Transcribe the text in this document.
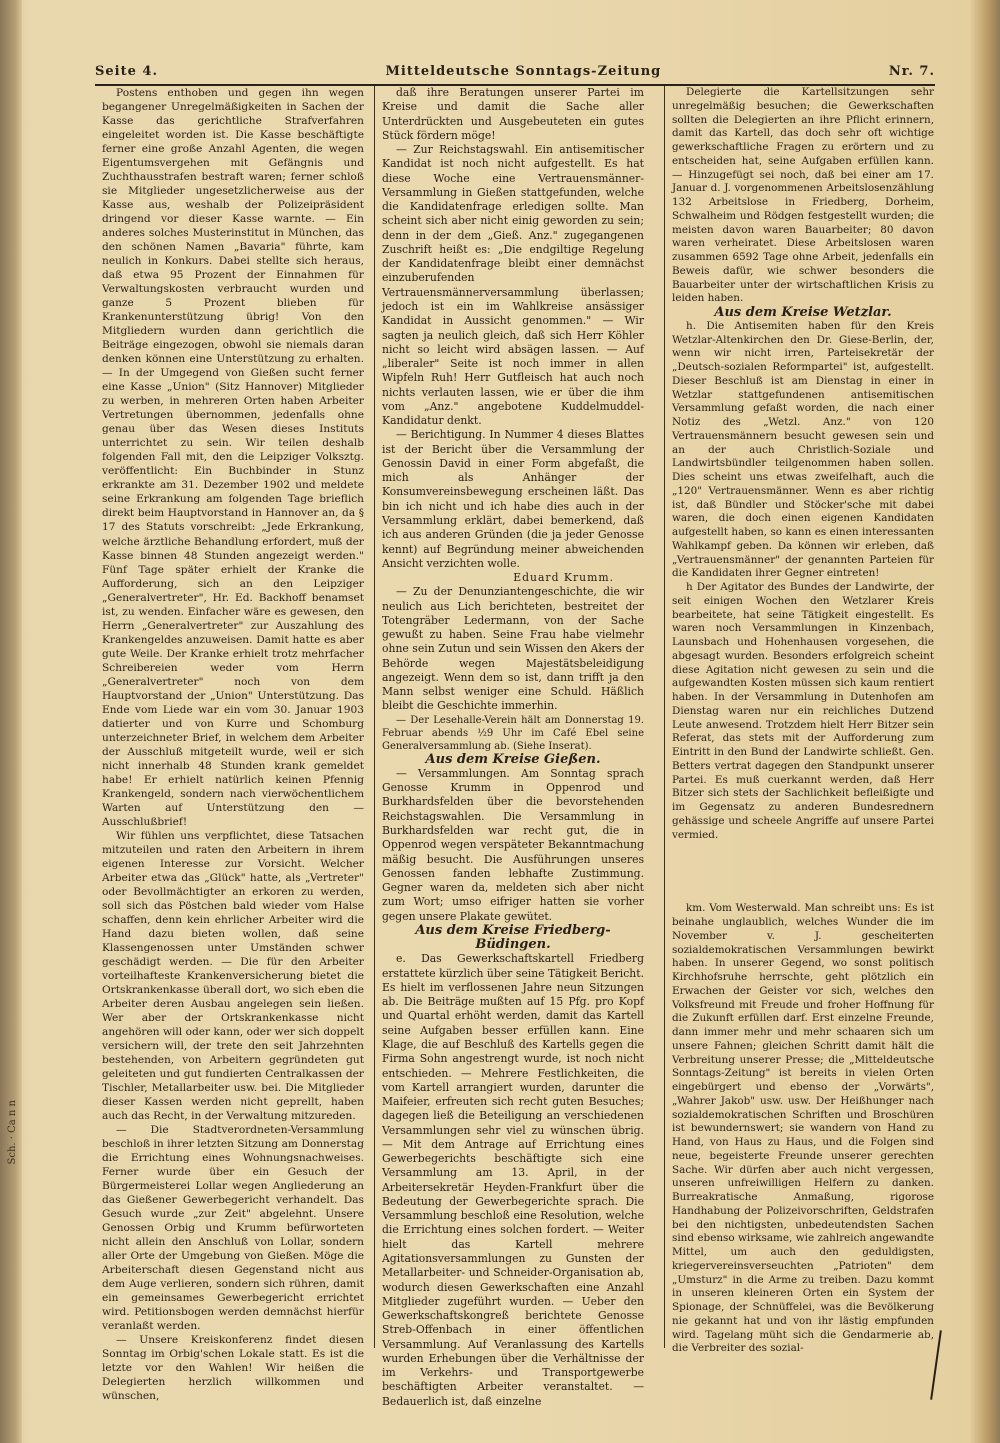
Sch. · Ca n n
Seite 4.	Mitteldeutsche Sonntags-Zeitung	Nr. 7.

Postens enthoben und gegen ihn wegen begangener Unregelmäßigkeiten in Sachen der Kasse das gerichtliche Strafverfahren eingeleitet worden ist. Die Kasse beschäftigte ferner eine große Anzahl Agenten, die wegen Eigentumsvergehen mit Gefängnis und Zuchthausstrafen bestraft waren; ferner schloß sie Mitglieder ungesetzlicherweise aus der Kasse aus, weshalb der Polizeipräsident dringend vor dieser Kasse warnte. — Ein anderes solches Musterinstitut in München, das den schönen Namen „Bavaria" führte, kam neulich in Konkurs. Dabei stellte sich heraus, daß etwa 95 Prozent der Einnahmen für Verwaltungskosten verbraucht wurden und ganze 5 Prozent blieben für Krankenunterstützung übrig! Von den Mitgliedern wurden dann gerichtlich die Beiträge eingezogen, obwohl sie niemals daran denken können eine Unterstützung zu erhalten. — In der Umgegend von Gießen sucht ferner eine Kasse „Union" (Sitz Hannover) Mitglieder zu werben, in mehreren Orten haben Arbeiter Vertretungen übernommen, jedenfalls ohne genau über das Wesen dieses Instituts unterrichtet zu sein. Wir teilen deshalb folgenden Fall mit, den die Leipziger Volksztg. veröffentlicht: Ein Buchbinder in Stunz erkrankte am 31. Dezember 1902 und meldete seine Erkrankung am folgenden Tage brieflich direkt beim Hauptvorstand in Hannover an, da § 17 des Statuts vorschreibt: „Jede Erkrankung, welche ärztliche Behandlung erfordert, muß der Kasse binnen 48 Stunden angezeigt werden." Fünf Tage später erhielt der Kranke die Aufforderung, sich an den Leipziger „Generalvertreter", Hr. Ed. Backhoff benamset ist, zu wenden. Einfacher wäre es gewesen, den Herrn „Generalvertreter" zur Auszahlung des Krankengeldes anzuweisen. Damit hatte es aber gute Weile. Der Kranke erhielt trotz mehrfacher Schreibereien weder vom Herrn „Generalvertreter" noch von dem Hauptvorstand der „Union" Unterstützung. Das Ende vom Liede war ein vom 30. Januar 1903 datierter und von Kurre und Schomburg unterzeichneter Brief, in welchem dem Arbeiter der Ausschluß mitgeteilt wurde, weil er sich nicht innerhalb 48 Stunden krank gemeldet habe! Er erhielt natürlich keinen Pfennig Krankengeld, sondern nach vierwöchentlichem Warten auf Unterstützung den — Ausschlußbrief!

Wir fühlen uns verpflichtet, diese Tatsachen mitzuteilen und raten den Arbeitern in ihrem eigenen Interesse zur Vorsicht. Welcher Arbeiter etwa das „Glück" hatte, als „Vertreter" oder Bevollmächtigter an erkoren zu werden, soll sich das Pöstchen bald wieder vom Halse schaffen, denn kein ehrlicher Arbeiter wird die Hand dazu bieten wollen, daß seine Klassengenossen unter Umständen schwer geschädigt werden. — Die für den Arbeiter vorteilhafteste Krankenversicherung bietet die Ortskrankenkasse überall dort, wo sich eben die Arbeiter deren Ausbau angelegen sein ließen. Wer aber der Ortskrankenkasse nicht angehören will oder kann, oder wer sich doppelt versichern will, der trete den seit Jahrzehnten bestehenden, von Arbeitern gegründeten gut geleiteten und gut fundierten Centralkassen der Tischler, Metallarbeiter usw. bei. Die Mitglieder dieser Kassen werden nicht geprellt, haben auch das Recht, in der Verwaltung mitzureden.

— Die Stadtverordneten-Versammlung beschloß in ihrer letzten Sitzung am Donnerstag die Errichtung eines Wohnungsnachweises. Ferner wurde über ein Gesuch der Bürgermeisterei Lollar wegen Angliederung an das Gießener Gewerbegericht verhandelt. Das Gesuch wurde „zur Zeit" abgelehnt. Unsere Genossen Orbig und Krumm befürworteten nicht allein den Anschluß von Lollar, sondern aller Orte der Umgebung von Gießen. Möge die Arbeiterschaft diesen Gegenstand nicht aus dem Auge verlieren, sondern sich rühren, damit ein gemeinsames Gewerbegericht errichtet wird. Petitionsbogen werden demnächst hierfür veranlaßt werden.

— Unsere Kreiskonferenz findet diesen Sonntag im Orbig'schen Lokale statt. Es ist die letzte vor den Wahlen! Wir heißen die Delegierten herzlich willkommen und wünschen,

daß ihre Beratungen unserer Partei im Kreise und damit die Sache aller Unterdrückten und Ausgebeuteten ein gutes Stück fördern möge!

— Zur Reichstagswahl. Ein antisemitischer Kandidat ist noch nicht aufgestellt. Es hat diese Woche eine Vertrauensmänner-Versammlung in Gießen stattgefunden, welche die Kandidatenfrage erledigen sollte. Man scheint sich aber nicht einig geworden zu sein; denn in der dem „Gieß. Anz." zugegangenen Zuschrift heißt es: „Die endgiltige Regelung der Kandidatenfrage bleibt einer demnächst einzuberufenden Vertrauensmännerversammlung überlassen; jedoch ist ein im Wahlkreise ansässiger Kandidat in Aussicht genommen." — Wir sagten ja neulich gleich, daß sich Herr Köhler nicht so leicht wird absägen lassen. — Auf „liberaler" Seite ist noch immer in allen Wipfeln Ruh! Herr Gutfleisch hat auch noch nichts verlauten lassen, wie er über die ihm vom „Anz." angebotene Kuddelmuddel-Kandidatur denkt.

— Berichtigung. In Nummer 4 dieses Blattes ist der Bericht über die Versammlung der Genossin David in einer Form abgefaßt, die mich als Anhänger der Konsumvereinsbewegung erscheinen läßt. Das bin ich nicht und ich habe dies auch in der Versammlung erklärt, dabei bemerkend, daß ich aus anderen Gründen (die ja jeder Genosse kennt) auf Begründung meiner abweichenden Ansicht verzichten wolle.

Eduard Krumm.

— Zu der Denunziantengeschichte, die wir neulich aus Lich berichteten, bestreitet der Totengräber Ledermann, von der Sache gewußt zu haben. Seine Frau habe vielmehr ohne sein Zutun und sein Wissen den Akers der Behörde wegen Majestätsbeleidigung angezeigt. Wenn dem so ist, dann trifft ja den Mann selbst weniger eine Schuld. Häßlich bleibt die Geschichte immerhin.

— Der Lesehalle-Verein hält am Donnerstag 19. Februar abends ½9 Uhr im Café Ebel seine Generalversammlung ab. (Siehe Inserat).

Aus dem Kreise Gießen.

— Versammlungen. Am Sonntag sprach Genosse Krumm in Oppenrod und Burkhardsfelden über die bevorstehenden Reichstagswahlen. Die Versammlung in Burkhardsfelden war recht gut, die in Oppenrod wegen verspäteter Bekanntmachung mäßig besucht. Die Ausführungen unseres Genossen fanden lebhafte Zustimmung. Gegner waren da, meldeten sich aber nicht zum Wort; umso eifriger hatten sie vorher gegen unsere Plakate gewütet.

Aus dem Kreise Friedberg-Büdingen.

e. Das Gewerkschaftskartell Friedberg erstattete kürzlich über seine Tätigkeit Bericht. Es hielt im verflossenen Jahre neun Sitzungen ab. Die Beiträge mußten auf 15 Pfg. pro Kopf und Quartal erhöht werden, damit das Kartell seine Aufgaben besser erfüllen kann. Eine Klage, die auf Beschluß des Kartells gegen die Firma Sohn angestrengt wurde, ist noch nicht entschieden. — Mehrere Festlichkeiten, die vom Kartell arrangiert wurden, darunter die Maifeier, erfreuten sich recht guten Besuches; dagegen ließ die Beteiligung an verschiedenen Versammlungen sehr viel zu wünschen übrig. — Mit dem Antrage auf Errichtung eines Gewerbegerichts beschäftigte sich eine Versammlung am 13. April, in der Arbeitersekretär Heyden-Frankfurt über die Bedeutung der Gewerbegerichte sprach. Die Versammlung beschloß eine Resolution, welche die Errichtung eines solchen fordert. — Weiter hielt das Kartell mehrere Agitationsversammlungen zu Gunsten der Metallarbeiter- und Schneider-Organisation ab, wodurch diesen Gewerkschaften eine Anzahl Mitglieder zugeführt wurden. — Ueber den Gewerkschaftskongreß berichtete Genosse Streb-Offenbach in einer öffentlichen Versammlung. Auf Veranlassung des Kartells wurden Erhebungen über die Verhältnisse der im Verkehrs- und Transportgewerbe beschäftigten Arbeiter veranstaltet. — Bedauerlich ist, daß einzelne

Delegierte die Kartellsitzungen sehr unregelmäßig besuchen; die Gewerkschaften sollten die Delegierten an ihre Pflicht erinnern, damit das Kartell, das doch sehr oft wichtige gewerkschaftliche Fragen zu erörtern und zu entscheiden hat, seine Aufgaben erfüllen kann. — Hinzugefügt sei noch, daß bei einer am 17. Januar d. J. vorgenommenen Arbeitslosenzählung 132 Arbeitslose in Friedberg, Dorheim, Schwalheim und Rödgen festgestellt wurden; die meisten davon waren Bauarbeiter; 80 davon waren verheiratet. Diese Arbeitslosen waren zusammen 6592 Tage ohne Arbeit, jedenfalls ein Beweis dafür, wie schwer besonders die Bauarbeiter unter der wirtschaftlichen Krisis zu leiden haben.

Aus dem Kreise Wetzlar.

h. Die Antisemiten haben für den Kreis Wetzlar-Altenkirchen den Dr. Giese-Berlin, der, wenn wir nicht irren, Parteisekretär der „Deutsch-sozialen Reformpartei" ist, aufgestellt. Dieser Beschluß ist am Dienstag in einer in Wetzlar stattgefundenen antisemitischen Versammlung gefaßt worden, die nach einer Notiz des „Wetzl. Anz." von 120 Vertrauensmännern besucht gewesen sein und an der auch Christlich-Soziale und Landwirtsbündler teilgenommen haben sollen. Dies scheint uns etwas zweifelhaft, auch die „120" Vertrauensmänner. Wenn es aber richtig ist, daß Bündler und Stöcker'sche mit dabei waren, die doch einen eigenen Kandidaten aufgestellt haben, so kann es einen interessanten Wahlkampf geben. Da können wir erleben, daß „Vertrauensmänner" der genannten Parteien für die Kandidaten ihrer Gegner eintreten!

h Der Agitator des Bundes der Landwirte, der seit einigen Wochen den Wetzlarer Kreis bearbeitete, hat seine Tätigkeit eingestellt. Es waren noch Versammlungen in Kinzenbach, Launsbach und Hohenhausen vorgesehen, die abgesagt wurden. Besonders erfolgreich scheint diese Agitation nicht gewesen zu sein und die aufgewandten Kosten müssen sich kaum rentiert haben. In der Versammlung in Dutenhofen am Dienstag waren nur ein reichliches Dutzend Leute anwesend. Trotzdem hielt Herr Bitzer sein Referat, das stets mit der Aufforderung zum Eintritt in den Bund der Landwirte schließt. Gen. Betters vertrat dagegen den Standpunkt unserer Partei. Es muß cuerkannt werden, daß Herr Bitzer sich stets der Sachlichkeit befleißigte und im Gegensatz zu anderen Bundesrednern gehässige und scheele Angriffe auf unsere Partei vermied.

km. Vom Westerwald. Man schreibt uns: Es ist beinahe unglaublich, welches Wunder die im November v. J. gescheiterten sozialdemokratischen Versammlungen bewirkt haben. In unserer Gegend, wo sonst politisch Kirchhofsruhe herrschte, geht plötzlich ein Erwachen der Geister vor sich, welches den Volksfreund mit Freude und froher Hoffnung für die Zukunft erfüllen darf. Erst einzelne Freunde, dann immer mehr und mehr schaaren sich um unsere Fahnen; gleichen Schritt damit hält die Verbreitung unserer Presse; die „Mitteldeutsche Sonntags-Zeitung" ist bereits in vielen Orten eingebürgert und ebenso der „Vorwärts", „Wahrer Jakob" usw. usw. Der Heißhunger nach sozialdemokratischen Schriften und Broschüren ist bewundernswert; sie wandern von Hand zu Hand, von Haus zu Haus, und die Folgen sind neue, begeisterte Freunde unserer gerechten Sache. Wir dürfen aber auch nicht vergessen, unseren unfreiwilligen Helfern zu danken. Burreakratische Anmaßung, rigorose Handhabung der Polizeivorschriften, Geldstrafen bei den nichtigsten, unbedeutendsten Sachen sind ebenso wirksame, wie zahlreich angewandte Mittel, um auch den geduldigsten, kriegervereinsverseuchten „Patrioten" dem „Umsturz" in die Arme zu treiben. Dazu kommt in unseren kleineren Orten ein System der Spionage, der Schnüffelei, was die Bevölkerung nie gekannt hat und von ihr lästig empfunden wird. Tagelang müht sich die Gendarmerie ab, die Verbreiter des sozial-
